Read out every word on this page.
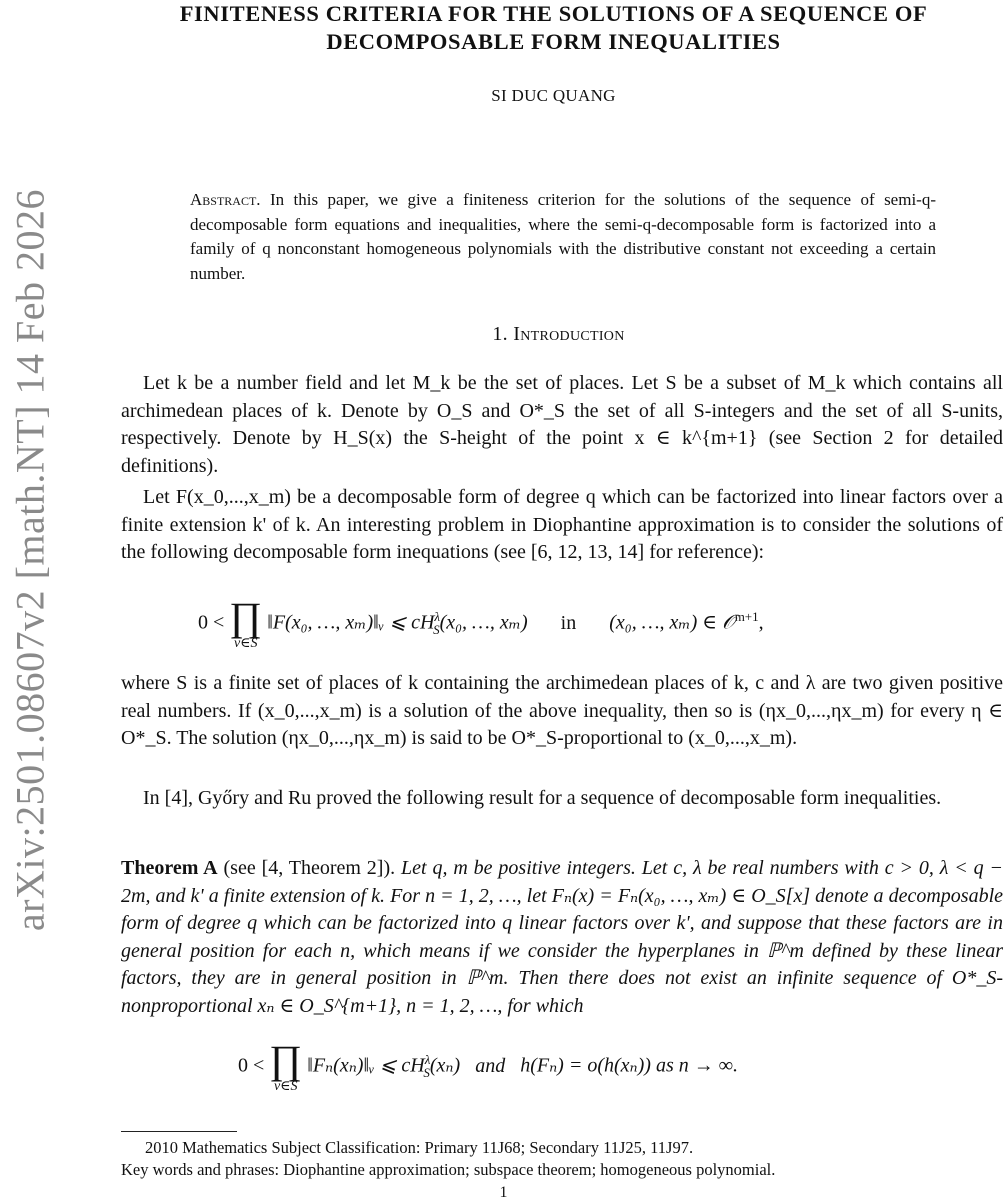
arXiv:2501.08607v2 [math.NT] 14 Feb 2026
FINITENESS CRITERIA FOR THE SOLUTIONS OF A SEQUENCE OF
DECOMPOSABLE FORM INEQUALITIES
SI DUC QUANG
Abstract. In this paper, we give a finiteness criterion for the solutions of the sequence of semi-q-decomposable form equations and inequalities, where the semi-q-decomposable form is factorized into a family of q nonconstant homogeneous polynomials with the distributive constant not exceeding a certain number.
1. Introduction

Let k be a number field and let M_k be the set of places. Let S be a subset of M_k which contains all archimedean places of k. Denote by O_S and O*_S the set of all S-integers and the set of all S-units, respectively. Denote by H_S(x) the S-height of the point x ∈ k^{m+1} (see Section 2 for detailed definitions).

Let F(x_0,...,x_m) be a decomposable form of degree q which can be factorized into linear factors over a finite extension k' of k. An interesting problem in Diophantine approximation is to consider the solutions of the following decomposable form inequations (see [6, 12, 13, 14] for reference):

0 < ∏
v∈S
‖F(x₀, …, xₘ)‖ᵥ ⩽ $cH^\lambda_S(x_0$, …, xₘ) in (x₀, …, xₘ) ∈ 𝒪$^{m+1}$,

where S is a finite set of places of k containing the archimedean places of k, c and λ are two given positive real numbers. If (x_0,...,x_m) is a solution of the above inequality, then so is (ηx_0,...,ηx_m) for every η ∈ O*_S. The solution (ηx_0,...,ηx_m) is said to be O*_S-proportional to (x_0,...,x_m).

In [4], Győry and Ru proved the following result for a sequence of decomposable form inequalities.

Theorem A (see [4, Theorem 2]). Let q, m be positive integers. Let c, λ be real numbers with c > 0, λ < q − 2m, and k' a finite extension of k. For n = 1, 2, …, let Fₙ(x) = Fₙ(x₀, …, xₘ) ∈ O_S[x] denote a decomposable form of degree q which can be factorized into q linear factors over k', and suppose that these factors are in general position for each n, which means if we consider the hyperplanes in ℙ^m defined by these linear factors, they are in general position in ℙ^m. Then there does not exist an infinite sequence of O*_S-nonproportional xₙ ∈ O_S^{m+1}, n = 1, 2, …, for which

0 < ∏
v∈S
‖Fₙ(xₙ)‖ᵥ ⩽ $cH^\lambda_S(x_n)$ and h(Fₙ) = o(h(xₙ)) as n → ∞.
2010 Mathematics Subject Classification: Primary 11J68; Secondary 11J25, 11J97.
Key words and phrases: Diophantine approximation; subspace theorem; homogeneous polynomial.
1
